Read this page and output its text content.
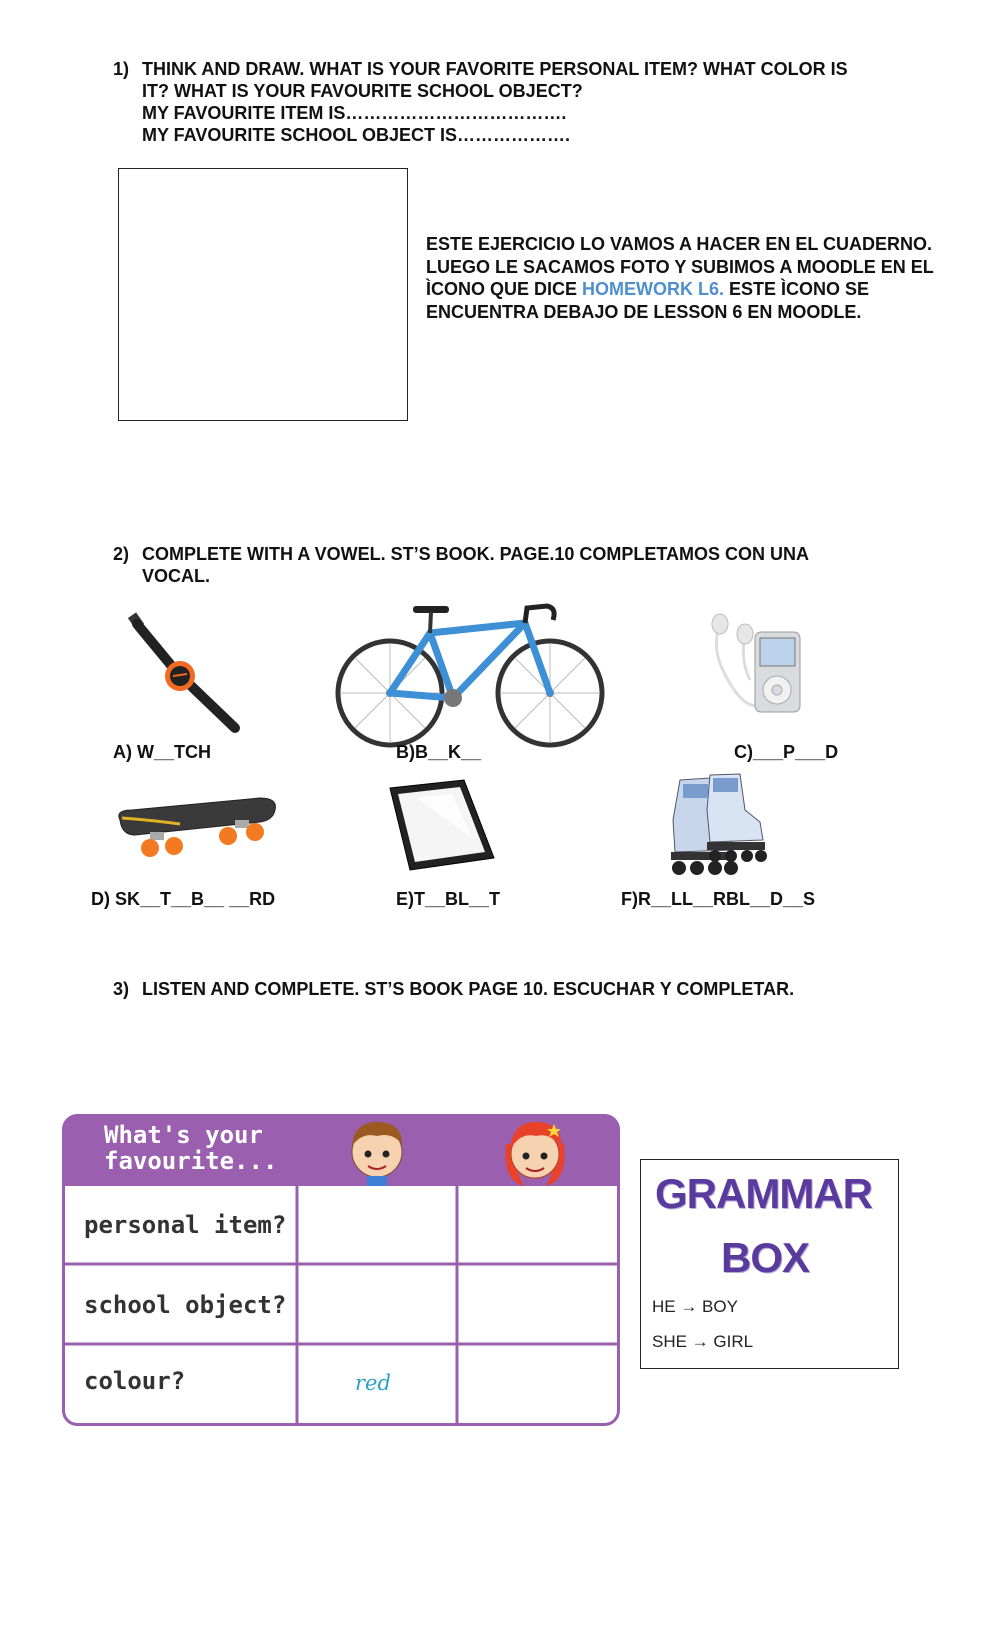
1) THINK AND DRAW. WHAT IS YOUR FAVORITE PERSONAL ITEM? WHAT COLOR IS
IT? WHAT IS YOUR FAVOURITE SCHOOL OBJECT?
MY FAVOURITE ITEM IS……………………………….
MY FAVOURITE SCHOOL OBJECT IS……………….
ESTE EJERCICIO LO VAMOS A HACER EN EL CUADERNO. LUEGO LE SACAMOS FOTO Y SUBIMOS A MOODLE EN EL ÌCONO QUE DICE HOMEWORK L6. ESTE ÌCONO SE ENCUENTRA DEBAJO DE LESSON 6 EN MOODLE.
2) COMPLETE WITH A VOWEL. ST’S BOOK. PAGE.10 COMPLETAMOS CON UNA
VOCAL.
A) W__TCH	B)B__K__	C)___P___D
D) SK__T__B__ __RD	E)T__BL__T	F)R__LL__RBL__D__S
3) LISTEN AND COMPLETE. ST’S BOOK PAGE 10. ESCUCHAR Y COMPLETAR.
What's your
favourite...
personal item?
school object?
colour?	red
GRAMMAR
BOX
HE → BOY
SHE → GIRL
